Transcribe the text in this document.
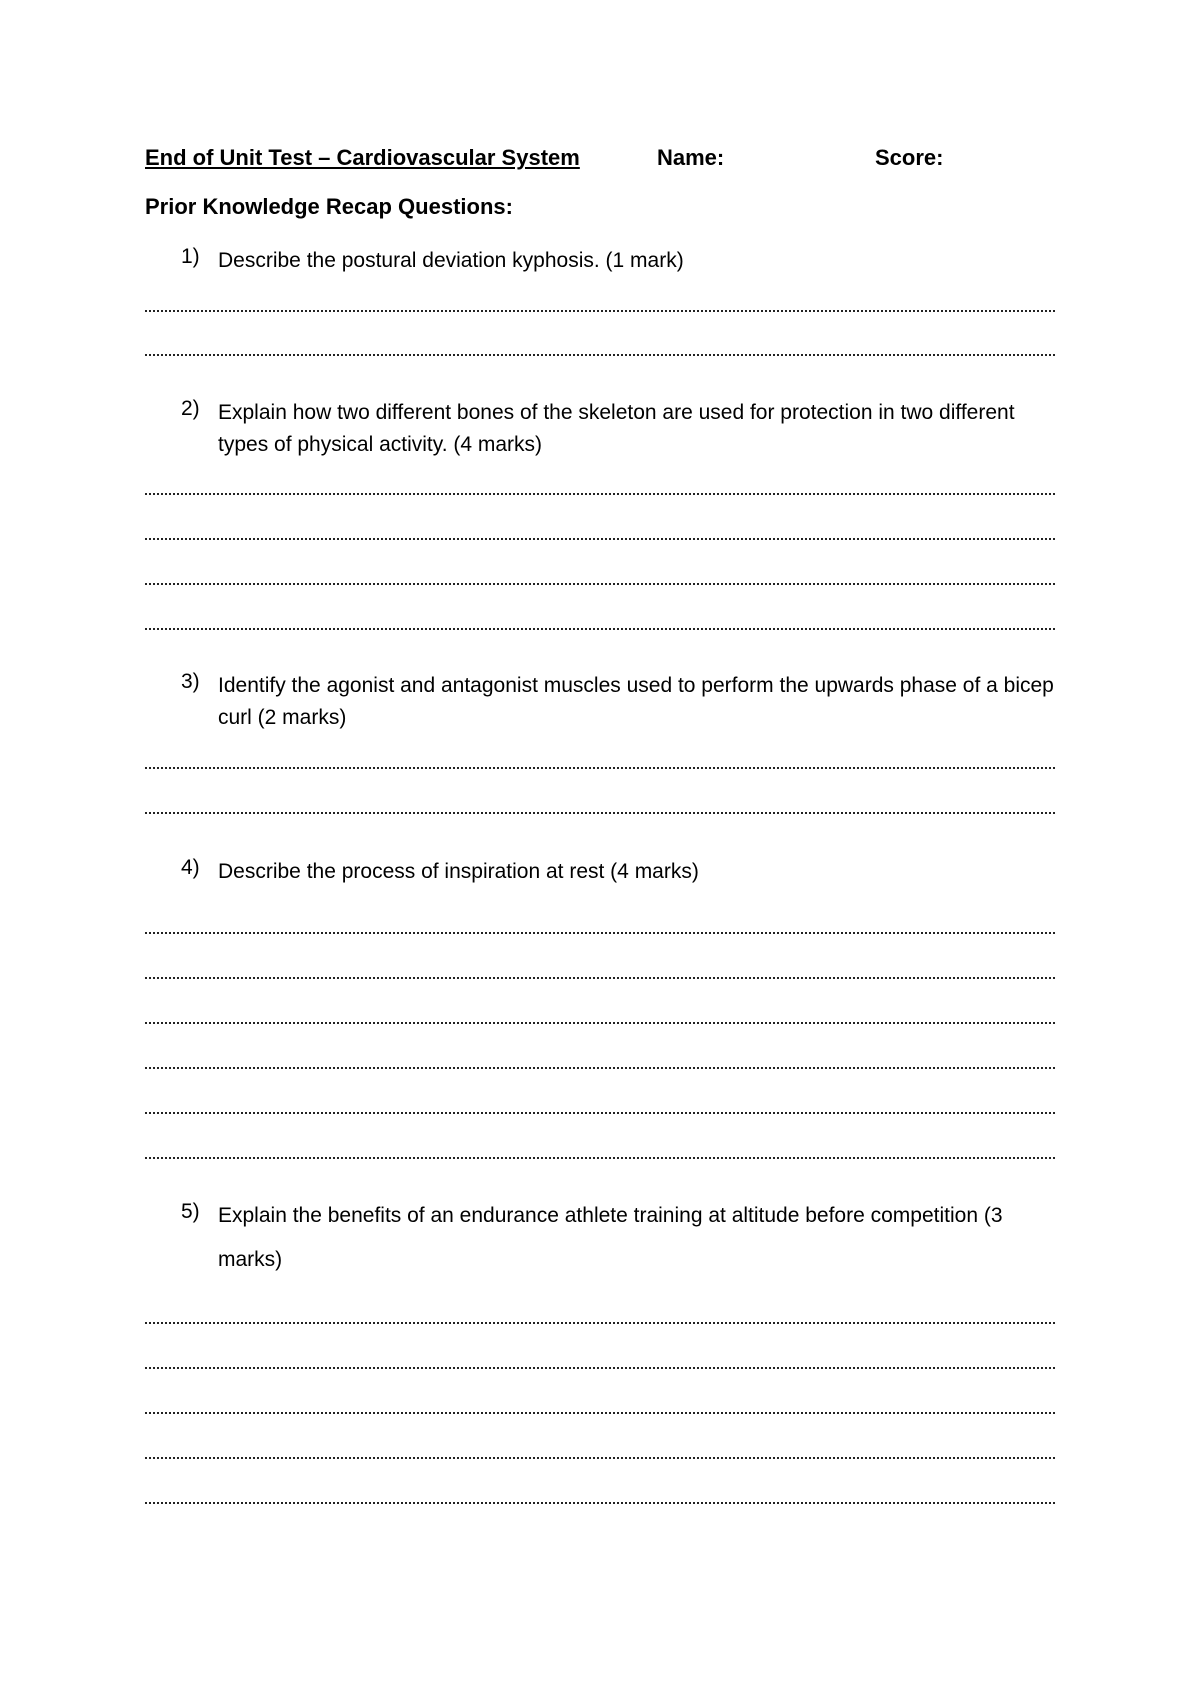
End of Unit Test – Cardiovascular System	Name:	Score:
Prior Knowledge Recap Questions:
1) Describe the postural deviation kyphosis. (1 mark)
2) Explain how two different bones of the skeleton are used for protection in two different types of physical activity. (4 marks)
3) Identify the agonist and antagonist muscles used to perform the upwards phase of a bicep curl (2 marks)
4) Describe the process of inspiration at rest (4 marks)
5) Explain the benefits of an endurance athlete training at altitude before competition (3 marks)
